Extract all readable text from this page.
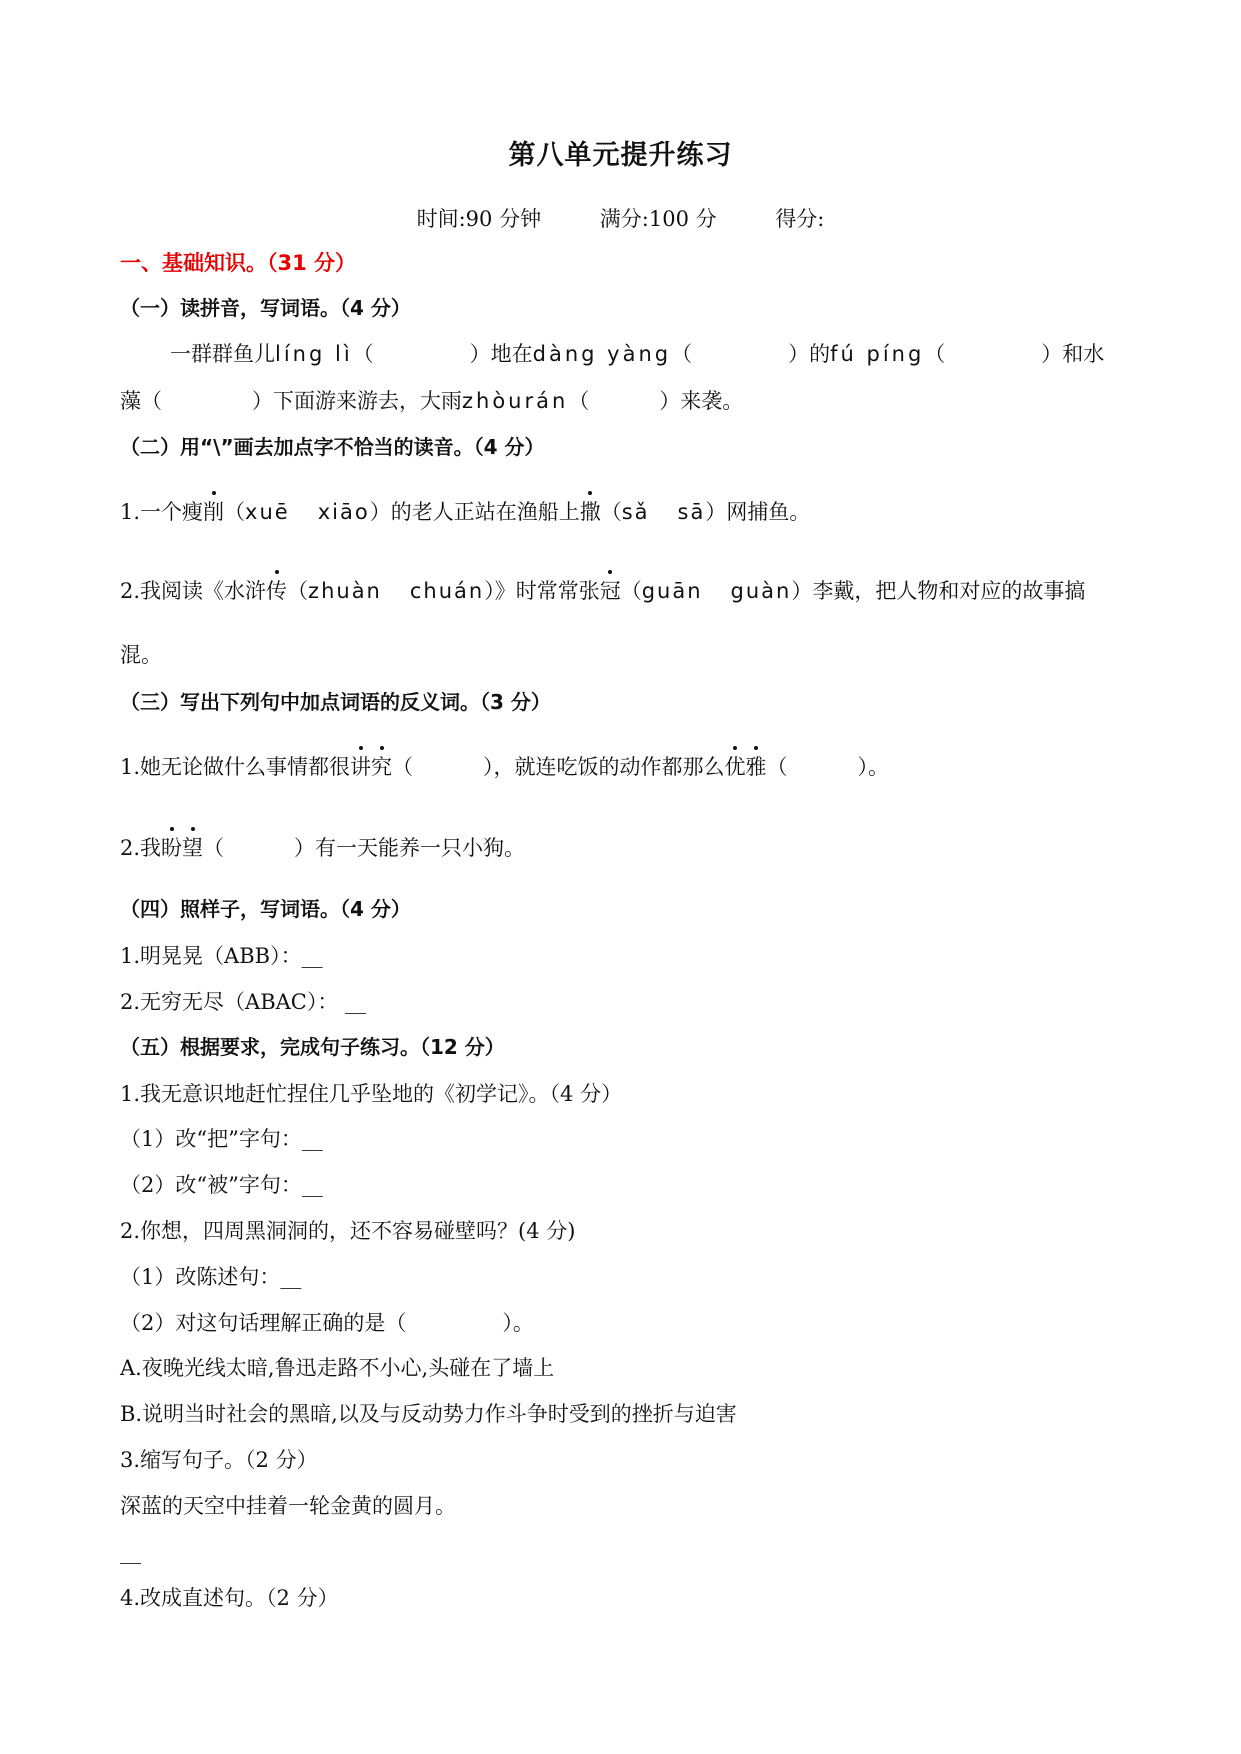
第八单元提升练习
时间:90 分钟	满分:100 分	得分:
一、基础知识。（31 分）
（一）读拼音，写词语。（4 分）
一群群鱼儿líng lì（	）地在dàng yàng（	）的fú píng（	）和水
藻（	）下面游来游去，大雨zhòurán（	）来袭。
（二）用“\”画去加点字不恰当的读音。（4 分）
1.一个瘦削（xuē xiāo）的老人正站在渔船上撒（sǎ sā）网捕鱼。
2.我阅读《水浒传（zhuàn chuán）》时常常张冠（guān guàn）李戴，把人物和对应的故事搞
混。
（三）写出下列句中加点词语的反义词。（3 分）
1.她无论做什么事情都很讲究（	），就连吃饭的动作都那么优雅（	）。
2.我盼望（	）有一天能养一只小狗。
（四）照样子，写词语。（4 分）
1.明晃晃（ABB）：__
2.无穷无尽（ABAC）： __
（五）根据要求，完成句子练习。（12 分）
1.我无意识地赶忙捏住几乎坠地的《初学记》。（4 分）
（1）改“把”字句：__
（2）改“被”字句：__
2.你想，四周黑洞洞的，还不容易碰壁吗？(4 分)
（1）改陈述句：__
（2）对这句话理解正确的是（	）。
A.夜晚光线太暗,鲁迅走路不小心,头碰在了墙上
B.说明当时社会的黑暗,以及与反动势力作斗争时受到的挫折与迫害
3.缩写句子。（2 分）
深蓝的天空中挂着一轮金黄的圆月。
__
4.改成直述句。（2 分）
